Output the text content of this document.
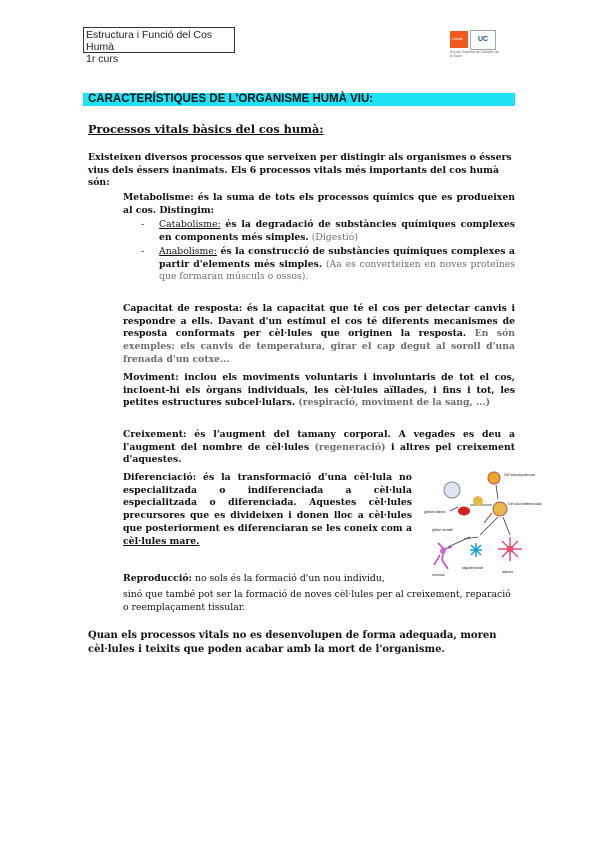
Estructura i Funció del Cos Humà
1r curs
Unitat	UC
Escola Superior de Ciències de la Salut
CARACTERÍSTIQUES DE L'ORGANISME HUMÀ VIU:
Processos vitals bàsics del cos humà:

Existeixen diversos processos que serveixen per distingir als organismes o éssers vius dels éssers inanimats. Els 6 processos vitals més importants del cos humà són:

Metabolisme: és la suma de tots els processos químics que es produeixen al cos. Distingim:

- Catabolisme: és la degradació de substàncies químiques complexes en components més simples. (Digestió)

- Anabolisme: és la construcció de substàncies químiques complexes a partir d'elements més simples. (Aa es converteixen en noves proteïnes que formaran músculs o ossos).

Capacitat de resposta: és la capacitat que té el cos per detectar canvis i respondre a ells. Davant d'un estímul el cos té diferents mecanismes de resposta conformats per cèl·lules que originen la resposta. En són exemples: els canvis de temperatura, girar el cap degut al soroll d'una frenada d'un cotxe...

Moviment: inclou els moviments voluntaris i involuntaris de tot el cos, incloent-hi els òrgans individuals, les cèl·lules aïllades, i fins i tot, les petites estructures subcel·lulars. (respiració, moviment de la sang, ...)

Creixement: és l'augment del tamany corporal. A vegades es deu a l'augment del nombre de cèl·lules (regeneració) i altres pel creixement d'aquestes.

Diferenciació: és la transformació d'una cèl·lula no especialitzada o indiferenciada a cèl·lula especialitzada o diferenciada. Aquestes cèl·lules precursores que es divideixen i donen lloc a cèl·lules que posteriorment es diferenciaran se les coneix com a cèl·lules mare.

Cèl·lula totipotencial
Cèl·lula indiferenciada
glòbuls blancs
glòbul vermell
neurona
oligodendròcit
astrocit

Reproducció: no sols és la formació d'un nou individu,

sinó que també pot ser la formació de noves cèl·lules per al creixement, reparació o reemplaçament tissular.

Quan els processos vitals no es desenvolupen de forma adequada, moren cèl·lules i teixits que poden acabar amb la mort de l'organisme.
